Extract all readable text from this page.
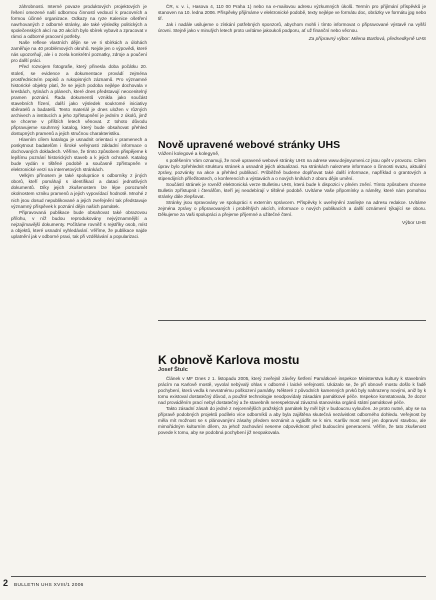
záhrobnosti. Interné povaze produktových projektových je řešení omezené naší odbornou činností vedoucí k pracovních a formou účinné organizace. Odkazy na ryze Kalenice ošetření navrhovaných z odborné stránky, ale také výsledky politických a společenských akcí na 20 akcích bylo sbírek vybavit a zpracovat v rámci a odborné pracovní potřeby.

Naše reflexe vlastních dějin se ve Ii sbírkách a úlohách zaměřuje na 40 problémových okruhů. Nejde jen o výpovědi, které nás upozorňují, ale i o zcela konkrétní poznatky, zdroje a poučení pro další práci.

Před rozvojem fotografie, který přinesla doba počátku 20. století, se evidence a dokumentace provádí zejména prostřednictvím popisů a rukopisných záznamů. Pro významné historické objekty platí, že se jejich podoba nejlépe dochovala v kresbách, rytinách a plánech, které dnes představují neocenitelný pramen poznání. Řada dokumentů vznikla jako součást stavebních řízení, další jako výsledek soukromé iniciativy sběratelů a badatelů. Tento materiál je dnes uložen v různých archivech a institucích a jeho zpřístupnění je jedním z úkolů, jimž se chceme v příštích letech věnovat. Z tohoto důvodu připravujeme souhrnný katalog, který bude obsahovat přehled dostupných pramenů a jejich stručnou charakteristiku.

Hlavním cílem katalogu je usnadnit orientaci v pramenech a poskytnout badatelům i široké veřejnosti základní informace o dochovaných dokladech. Věříme, že tímto způsobem přispějeme k lepšímu poznání historických staveb a k jejich ochraně. Katalog bude vydán v tištěné podobě a současně zpřístupněn v elektronické verzi na internetových stránkách.

Velkým přínosem je také spolupráce s odborníky z jiných oborů, kteří pomáhají s identifikací a dataci jednotlivých dokumentů. Díky jejich zkušenostem lze lépe porozumět okolnostem vzniku pramenů a jejich vypovídací hodnotě. Mnohé z nich jsou dosud nepublikované a jejich zveřejnění tak představuje významný příspěvek k poznání dějin našich památek.

Připravovaná publikace bude obsahovat také obrazovou přílohu, v níž budou reprodukovány nejvýznamnější a nejzajímavější dokumenty. Počítáme rovněž s rejstříky osob, míst a objektů, které usnadní vyhledávání. Věříme, že publikace najde uplatnění jak v odborné praxi, tak při vzdělávání a popularizaci.

ČR, v. v. i., Hasova 4, 110 00 Praha 1) nebo na e-mailovou adresu výzkumných úkolů. Termín pro přijímání příspěvků je stanoven na 10. ledna 2006. Příspěvky přijímáme v elektronické podobě, texty nejlépe ve formátu doc, obrázky ve formátu jpg nebo tif.

Jak i nadále usilujeme o získání potřebných sponzorů, abychom mohli i tímto informovat o připravované výstavě na vyšší úrovni. Stejně jako v minulých letech proto uvítáme jakoukoli podporu, ať už finanční nebo věcnou.

Za přípravný výbor: Milena Bartlová, předsedkyně UHS

Nově upravené webové stránky UHS
Vážení kolegové a kolegyně,

s potěšením Vám oznamuji, že nově upravené webové stránky UHS na adrese www.dejinyumeni.cz jsou opět v provozu. Cílem úprav bylo zpřehlednit strukturu stránek a usnadnit jejich aktualizaci. Na stránkách naleznete informace o činnosti svazu, aktuální zprávy, pozvánky na akce a přehled publikací. Průběžně budeme doplňovat také další informace, například o grantových a stipendijních příležitostech, o konferencích a výstavách a o nových knihách z oboru dějin umění.

Součástí stránek je rovněž elektronická verze Bulletinu UHS, která bude k dispozici v plném znění. Tímto způsobem chceme Bulletin zpřístupnit i čtenářům, kteří jej neodebírají v tištěné podobě. Uvítáme Vaše připomínky a náměty, které nám pomohou stránky dále zlepšovat.

Stránky jsou spravovány ve spolupráci s externím správcem. Příspěvky k uveřejnění zasílejte na adresu redakce. Uvítáme zejména zprávy o připravovaných i proběhlých akcích, informace o nových publikacích a další oznámení týkající se oboru. Děkujeme za Vaši spolupráci a přejeme příjemné a užitečné čtení.

Výbor UHS

K obnově Karlova mostu
Josef Štulc

Článek v MF Dnes z 1. listopadu 2005, který zveřejnil závěry šetření Památkové inspekce Ministerstva kultury k stavebním prácím na Karlově mostě, vyvolal nebývalý ohlas v odborné i laické veřejnosti. Ukázalo se, že při obnově mostu došlo k řadě pochybení, která vedla k nevratnému poškození památky. Některé z původních kamenných prvků byly nahrazeny novými, aniž by k tomu existoval dostatečný důvod, a použité technologie neodpovídaly zásadám památkové péče. Inspekce konstatovala, že dozor nad prováděním prací nebyl dostatečný a že stavebník nerespektoval závazná stanoviska orgánů státní památkové péče.

Takto zásadní zásah do jedné z nejcennějších pražských památek by měl být v budoucnu vyloučen. Je proto nutné, aby se na přípravě podobných projektů podílelo více odborníků a aby byla zajištěna skutečná nezávislost odborného dohledu. Veřejnost by měla mít možnost se s plánovanými zásahy předem seznámit a vyjádřit se k nim. Karlův most není jen dopravní stavbou, ale mimořádným kulturním dílem, za jehož zachování neseme odpovědnost před budoucími generacemi. Věřím, že tato zkušenost povede k tomu, aby se podobná pochybení již neopakovala.

2 BULLETIN UHS XVIII/1 2006
